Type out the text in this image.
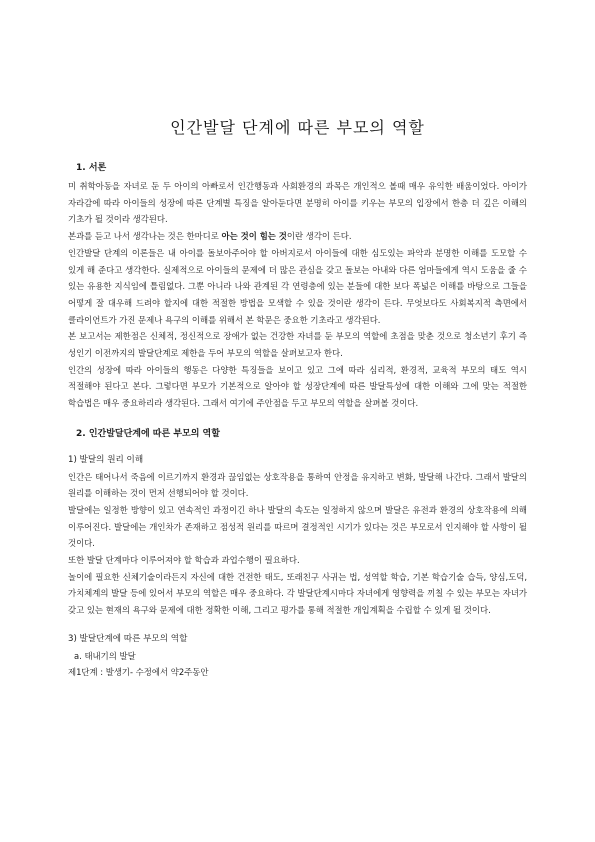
인간발달 단계에 따른 부모의 역할
1. 서론

미 취학아동을 자녀로 둔 두 아이의 아빠로서 인간행동과 사회환경의 과목은 개인적으 볼때 매우 유익한 배움이었다. 아이가 자라감에 따라 아이들의 성장에 따른 단계별 특징을 알아둔다면 분명히 아이를 키우는 부모의 입장에서 한층 더 깊은 이해의 기초가 될 것이라 생각된다.

본과를 듣고 나서 생각나는 것은 한마디로 아는 것이 힘는 것이란 생각이 든다.

인간발달 단계의 이론들은 내 아이를 돌보아주어야 할 아버지로서 아이들에 대한 심도있는 파악과 분명한 이해를 도모할 수 있게 해 준다고 생각한다. 실제적으로 아이들의 문제에 더 많은 관심을 갖고 돌보는 아내와 다른 엄마들에게 역시 도움을 줄 수 있는 유용한 지식임에 틀림없다. 그뿐 아니라 나와 관계된 각 연령층에 있는 분들에 대한 보다 폭넓은 이해를 바탕으로 그들을 어떻게 잘 대우해 드려야 할지에 대한 적절한 방법을 모색할 수 있을 것이란 생각이 든다. 무엇보다도 사회복지적 측면에서 클라이언트가 가진 문제나 욕구의 이해를 위해서 본 학문은 중요한 기초라고 생각된다.

본 보고서는 제한점은 신체적, 정신적으로 장애가 없는 건강한 자녀를 둔 부모의 역할에 초점을 맞춘 것으로 청소년기 후기 즉 성인기 이전까지의 발달단계로 제한을 두어 부모의 역할을 살펴보고자 한다.

인간의 성장에 따라 아이들의 행동은 다양한 특징들을 보이고 있고 그에 따라 심리적, 환경적, 교육적 부모의 태도 역시 적절해야 된다고 본다. 그렇다면 부모가 기본적으로 알아야 할 성장단계에 따른 발달특성에 대한 이해와 그에 맞는 적절한 학습법은 매우 중요하리라 생각된다. 그래서 여기에 주안점을 두고 부모의 역할을 살펴볼 것이다.

2. 인간발달단계에 따른 부모의 역할

1) 발달의 원리 이해

인간은 태어나서 죽음에 이르기까지 환경과 끊임없는 상호작용을 통하여 안정을 유지하고 변화, 발달해 나간다. 그래서 발달의 원리를 이해하는 것이 먼저 선행되어야 할 것이다.

발달에는 일정한 방향이 있고 연속적인 과정이긴 하나 발달의 속도는 일정하지 않으며 발달은 유전과 환경의 상호작용에 의해 이루어진다. 발달에는 개인차가 존재하고 점성적 원리를 따르며 결정적인 시기가 있다는 것은 부모로서 인지해야 할 사항이 될 것이다.

또한 발달 단계마다 이루어져야 할 학습과 과업수행이 필요하다.

놀이에 필요한 신체기술이라든지 자신에 대한 건전한 태도, 또래친구 사귀는 법, 성역할 학습, 기본 학습기술 습득, 양심,도덕,가치체계의 발달 등에 있어서 부모의 역할은 매우 중요하다. 각 발달단계시마다 자녀에게 영향력을 끼칠 수 있는 부모는 자녀가 갖고 있는 현재의 욕구와 문제에 대한 정확한 이해, 그리고 평가를 통해 적절한 개입계획을 수립할 수 있게 될 것이다.

3) 발달단계에 따른 부모의 역할

a. 태내기의 발달

제1단계 : 발생기- 수정에서 약2주동안
